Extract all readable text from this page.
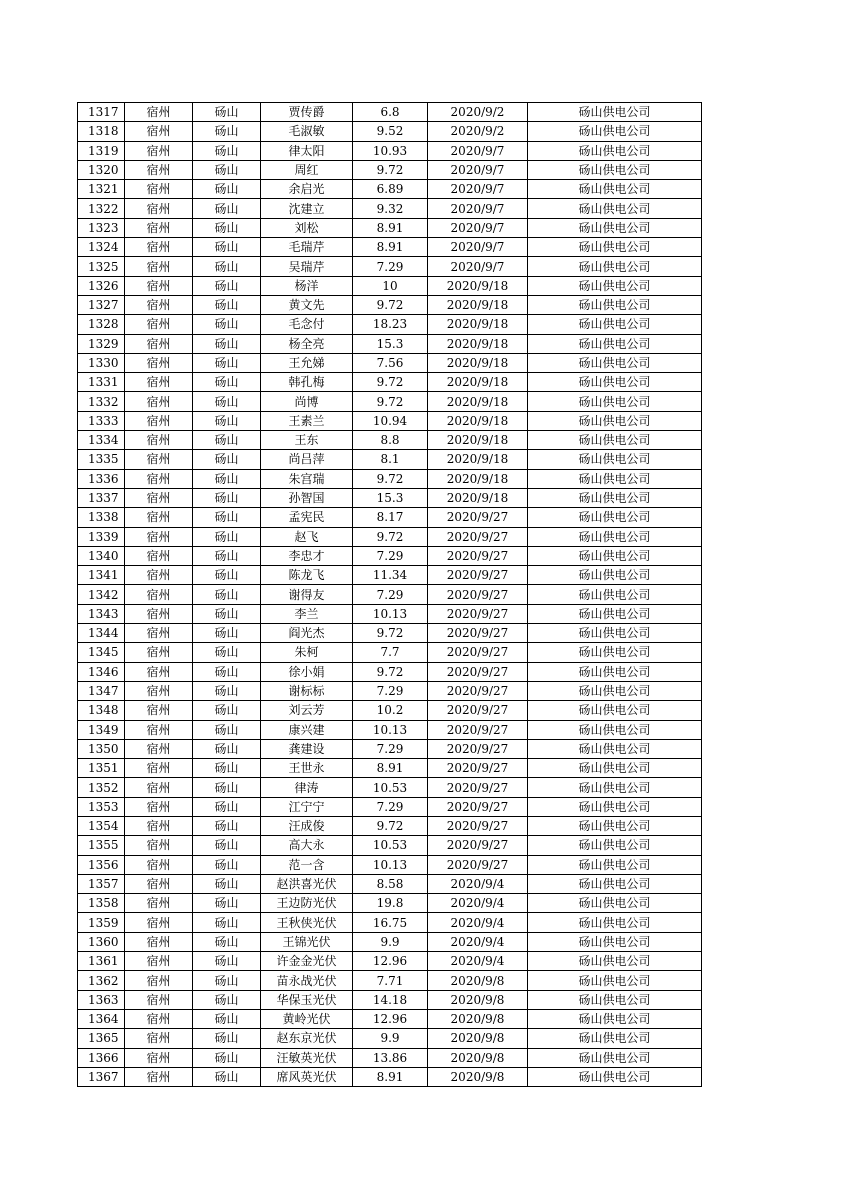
1317	宿州	砀山	贾传爵	6.8	2020/9/2	砀山供电公司
1318	宿州	砀山	毛淑敏	9.52	2020/9/2	砀山供电公司
1319	宿州	砀山	律太阳	10.93	2020/9/7	砀山供电公司
1320	宿州	砀山	周红	9.72	2020/9/7	砀山供电公司
1321	宿州	砀山	余启光	6.89	2020/9/7	砀山供电公司
1322	宿州	砀山	沈建立	9.32	2020/9/7	砀山供电公司
1323	宿州	砀山	刘松	8.91	2020/9/7	砀山供电公司
1324	宿州	砀山	毛瑞芹	8.91	2020/9/7	砀山供电公司
1325	宿州	砀山	吴瑞芹	7.29	2020/9/7	砀山供电公司
1326	宿州	砀山	杨洋	10	2020/9/18	砀山供电公司
1327	宿州	砀山	黄文先	9.72	2020/9/18	砀山供电公司
1328	宿州	砀山	毛念付	18.23	2020/9/18	砀山供电公司
1329	宿州	砀山	杨全亮	15.3	2020/9/18	砀山供电公司
1330	宿州	砀山	王允娣	7.56	2020/9/18	砀山供电公司
1331	宿州	砀山	韩孔梅	9.72	2020/9/18	砀山供电公司
1332	宿州	砀山	尚博	9.72	2020/9/18	砀山供电公司
1333	宿州	砀山	王素兰	10.94	2020/9/18	砀山供电公司
1334	宿州	砀山	王东	8.8	2020/9/18	砀山供电公司
1335	宿州	砀山	尚吕萍	8.1	2020/9/18	砀山供电公司
1336	宿州	砀山	朱宫瑞	9.72	2020/9/18	砀山供电公司
1337	宿州	砀山	孙智国	15.3	2020/9/18	砀山供电公司
1338	宿州	砀山	孟宪民	8.17	2020/9/27	砀山供电公司
1339	宿州	砀山	赵飞	9.72	2020/9/27	砀山供电公司
1340	宿州	砀山	李忠才	7.29	2020/9/27	砀山供电公司
1341	宿州	砀山	陈龙飞	11.34	2020/9/27	砀山供电公司
1342	宿州	砀山	谢得友	7.29	2020/9/27	砀山供电公司
1343	宿州	砀山	李兰	10.13	2020/9/27	砀山供电公司
1344	宿州	砀山	阎光杰	9.72	2020/9/27	砀山供电公司
1345	宿州	砀山	朱柯	7.7	2020/9/27	砀山供电公司
1346	宿州	砀山	徐小娟	9.72	2020/9/27	砀山供电公司
1347	宿州	砀山	谢标标	7.29	2020/9/27	砀山供电公司
1348	宿州	砀山	刘云芳	10.2	2020/9/27	砀山供电公司
1349	宿州	砀山	康兴建	10.13	2020/9/27	砀山供电公司
1350	宿州	砀山	龚建设	7.29	2020/9/27	砀山供电公司
1351	宿州	砀山	王世永	8.91	2020/9/27	砀山供电公司
1352	宿州	砀山	律涛	10.53	2020/9/27	砀山供电公司
1353	宿州	砀山	江宁宁	7.29	2020/9/27	砀山供电公司
1354	宿州	砀山	汪成俊	9.72	2020/9/27	砀山供电公司
1355	宿州	砀山	高大永	10.53	2020/9/27	砀山供电公司
1356	宿州	砀山	范一含	10.13	2020/9/27	砀山供电公司
1357	宿州	砀山	赵洪喜光伏	8.58	2020/9/4	砀山供电公司
1358	宿州	砀山	王边防光伏	19.8	2020/9/4	砀山供电公司
1359	宿州	砀山	王秋侠光伏	16.75	2020/9/4	砀山供电公司
1360	宿州	砀山	王锦光伏	9.9	2020/9/4	砀山供电公司
1361	宿州	砀山	许金金光伏	12.96	2020/9/4	砀山供电公司
1362	宿州	砀山	苗永战光伏	7.71	2020/9/8	砀山供电公司
1363	宿州	砀山	华保玉光伏	14.18	2020/9/8	砀山供电公司
1364	宿州	砀山	黄岭光伏	12.96	2020/9/8	砀山供电公司
1365	宿州	砀山	赵东京光伏	9.9	2020/9/8	砀山供电公司
1366	宿州	砀山	汪敏英光伏	13.86	2020/9/8	砀山供电公司
1367	宿州	砀山	席风英光伏	8.91	2020/9/8	砀山供电公司
